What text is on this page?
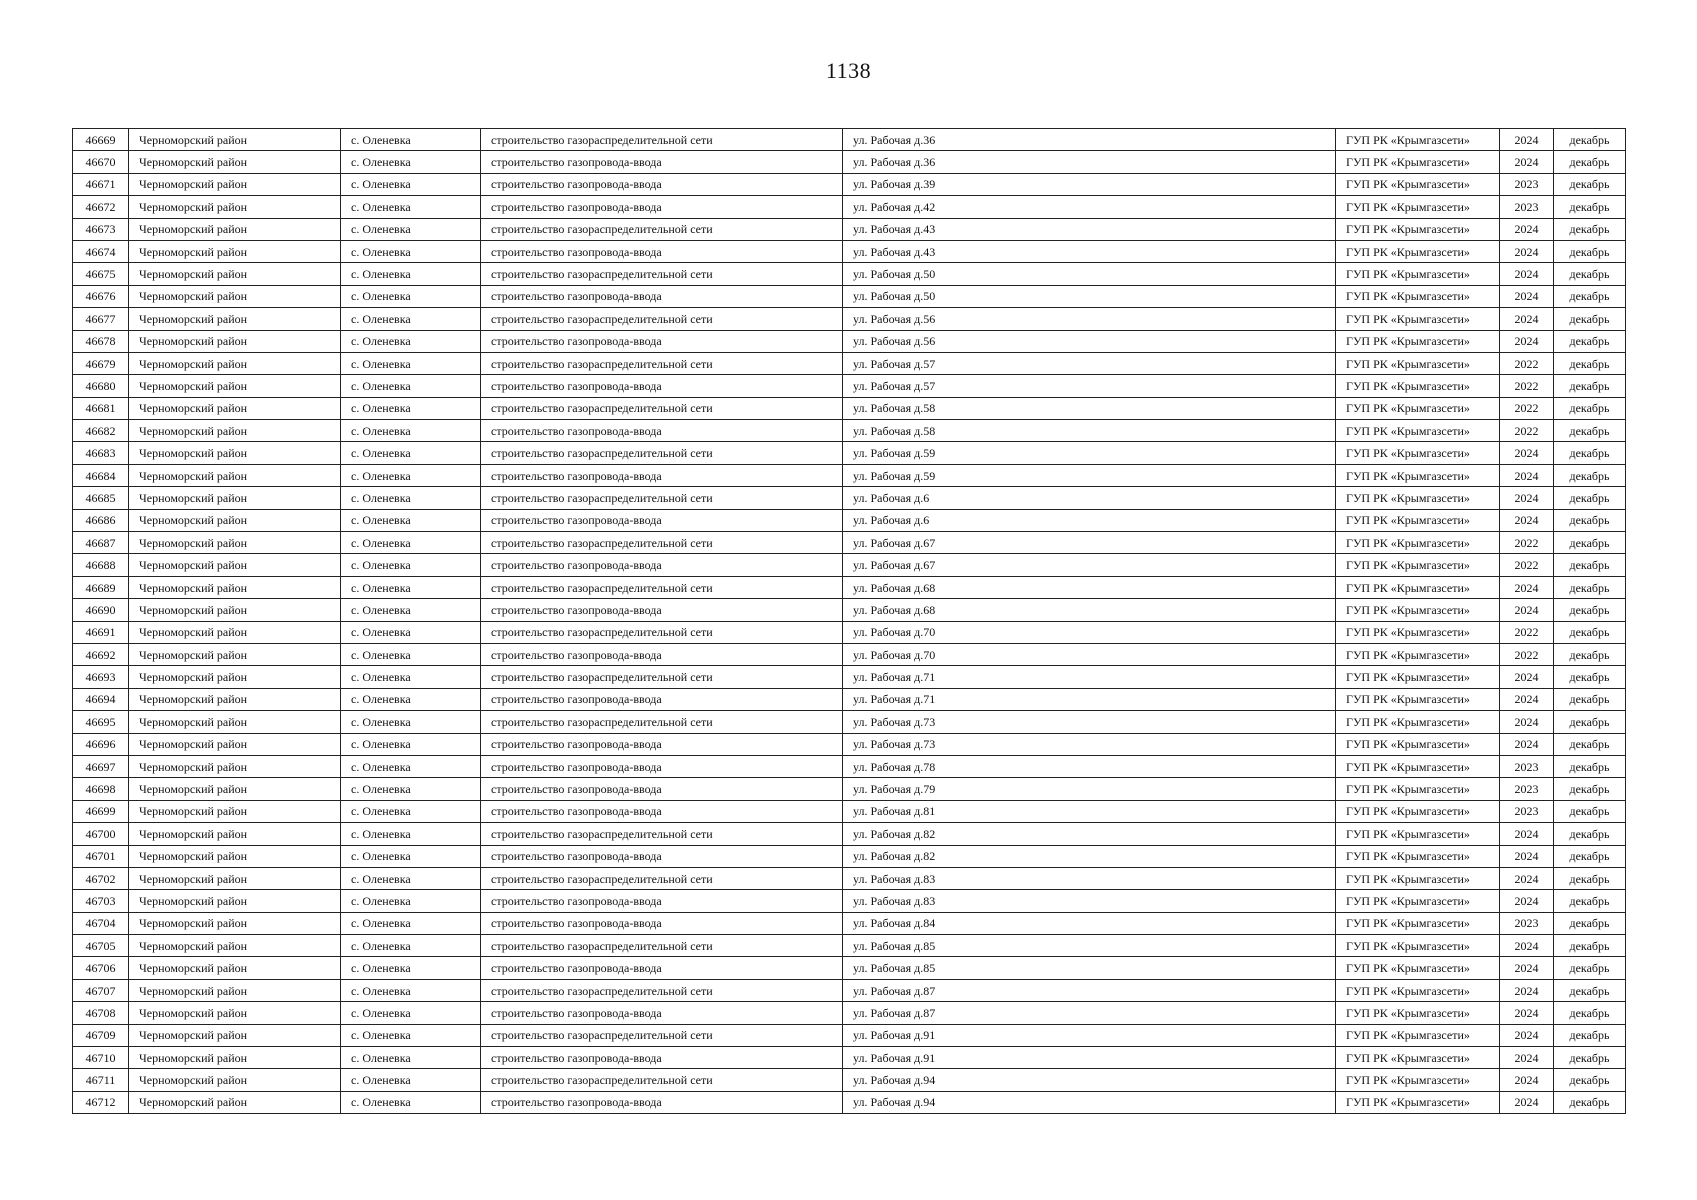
1138
46669	Черноморский район	с. Оленевка	строительство газораспределительной сети	ул. Рабочая д.36	ГУП РК «Крымгазсети»	2024	декабрь
46670	Черноморский район	с. Оленевка	строительство газопровода-ввода	ул. Рабочая д.36	ГУП РК «Крымгазсети»	2024	декабрь
46671	Черноморский район	с. Оленевка	строительство газопровода-ввода	ул. Рабочая д.39	ГУП РК «Крымгазсети»	2023	декабрь
46672	Черноморский район	с. Оленевка	строительство газопровода-ввода	ул. Рабочая д.42	ГУП РК «Крымгазсети»	2023	декабрь
46673	Черноморский район	с. Оленевка	строительство газораспределительной сети	ул. Рабочая д.43	ГУП РК «Крымгазсети»	2024	декабрь
46674	Черноморский район	с. Оленевка	строительство газопровода-ввода	ул. Рабочая д.43	ГУП РК «Крымгазсети»	2024	декабрь
46675	Черноморский район	с. Оленевка	строительство газораспределительной сети	ул. Рабочая д.50	ГУП РК «Крымгазсети»	2024	декабрь
46676	Черноморский район	с. Оленевка	строительство газопровода-ввода	ул. Рабочая д.50	ГУП РК «Крымгазсети»	2024	декабрь
46677	Черноморский район	с. Оленевка	строительство газораспределительной сети	ул. Рабочая д.56	ГУП РК «Крымгазсети»	2024	декабрь
46678	Черноморский район	с. Оленевка	строительство газопровода-ввода	ул. Рабочая д.56	ГУП РК «Крымгазсети»	2024	декабрь
46679	Черноморский район	с. Оленевка	строительство газораспределительной сети	ул. Рабочая д.57	ГУП РК «Крымгазсети»	2022	декабрь
46680	Черноморский район	с. Оленевка	строительство газопровода-ввода	ул. Рабочая д.57	ГУП РК «Крымгазсети»	2022	декабрь
46681	Черноморский район	с. Оленевка	строительство газораспределительной сети	ул. Рабочая д.58	ГУП РК «Крымгазсети»	2022	декабрь
46682	Черноморский район	с. Оленевка	строительство газопровода-ввода	ул. Рабочая д.58	ГУП РК «Крымгазсети»	2022	декабрь
46683	Черноморский район	с. Оленевка	строительство газораспределительной сети	ул. Рабочая д.59	ГУП РК «Крымгазсети»	2024	декабрь
46684	Черноморский район	с. Оленевка	строительство газопровода-ввода	ул. Рабочая д.59	ГУП РК «Крымгазсети»	2024	декабрь
46685	Черноморский район	с. Оленевка	строительство газораспределительной сети	ул. Рабочая д.6	ГУП РК «Крымгазсети»	2024	декабрь
46686	Черноморский район	с. Оленевка	строительство газопровода-ввода	ул. Рабочая д.6	ГУП РК «Крымгазсети»	2024	декабрь
46687	Черноморский район	с. Оленевка	строительство газораспределительной сети	ул. Рабочая д.67	ГУП РК «Крымгазсети»	2022	декабрь
46688	Черноморский район	с. Оленевка	строительство газопровода-ввода	ул. Рабочая д.67	ГУП РК «Крымгазсети»	2022	декабрь
46689	Черноморский район	с. Оленевка	строительство газораспределительной сети	ул. Рабочая д.68	ГУП РК «Крымгазсети»	2024	декабрь
46690	Черноморский район	с. Оленевка	строительство газопровода-ввода	ул. Рабочая д.68	ГУП РК «Крымгазсети»	2024	декабрь
46691	Черноморский район	с. Оленевка	строительство газораспределительной сети	ул. Рабочая д.70	ГУП РК «Крымгазсети»	2022	декабрь
46692	Черноморский район	с. Оленевка	строительство газопровода-ввода	ул. Рабочая д.70	ГУП РК «Крымгазсети»	2022	декабрь
46693	Черноморский район	с. Оленевка	строительство газораспределительной сети	ул. Рабочая д.71	ГУП РК «Крымгазсети»	2024	декабрь
46694	Черноморский район	с. Оленевка	строительство газопровода-ввода	ул. Рабочая д.71	ГУП РК «Крымгазсети»	2024	декабрь
46695	Черноморский район	с. Оленевка	строительство газораспределительной сети	ул. Рабочая д.73	ГУП РК «Крымгазсети»	2024	декабрь
46696	Черноморский район	с. Оленевка	строительство газопровода-ввода	ул. Рабочая д.73	ГУП РК «Крымгазсети»	2024	декабрь
46697	Черноморский район	с. Оленевка	строительство газопровода-ввода	ул. Рабочая д.78	ГУП РК «Крымгазсети»	2023	декабрь
46698	Черноморский район	с. Оленевка	строительство газопровода-ввода	ул. Рабочая д.79	ГУП РК «Крымгазсети»	2023	декабрь
46699	Черноморский район	с. Оленевка	строительство газопровода-ввода	ул. Рабочая д.81	ГУП РК «Крымгазсети»	2023	декабрь
46700	Черноморский район	с. Оленевка	строительство газораспределительной сети	ул. Рабочая д.82	ГУП РК «Крымгазсети»	2024	декабрь
46701	Черноморский район	с. Оленевка	строительство газопровода-ввода	ул. Рабочая д.82	ГУП РК «Крымгазсети»	2024	декабрь
46702	Черноморский район	с. Оленевка	строительство газораспределительной сети	ул. Рабочая д.83	ГУП РК «Крымгазсети»	2024	декабрь
46703	Черноморский район	с. Оленевка	строительство газопровода-ввода	ул. Рабочая д.83	ГУП РК «Крымгазсети»	2024	декабрь
46704	Черноморский район	с. Оленевка	строительство газопровода-ввода	ул. Рабочая д.84	ГУП РК «Крымгазсети»	2023	декабрь
46705	Черноморский район	с. Оленевка	строительство газораспределительной сети	ул. Рабочая д.85	ГУП РК «Крымгазсети»	2024	декабрь
46706	Черноморский район	с. Оленевка	строительство газопровода-ввода	ул. Рабочая д.85	ГУП РК «Крымгазсети»	2024	декабрь
46707	Черноморский район	с. Оленевка	строительство газораспределительной сети	ул. Рабочая д.87	ГУП РК «Крымгазсети»	2024	декабрь
46708	Черноморский район	с. Оленевка	строительство газопровода-ввода	ул. Рабочая д.87	ГУП РК «Крымгазсети»	2024	декабрь
46709	Черноморский район	с. Оленевка	строительство газораспределительной сети	ул. Рабочая д.91	ГУП РК «Крымгазсети»	2024	декабрь
46710	Черноморский район	с. Оленевка	строительство газопровода-ввода	ул. Рабочая д.91	ГУП РК «Крымгазсети»	2024	декабрь
46711	Черноморский район	с. Оленевка	строительство газораспределительной сети	ул. Рабочая д.94	ГУП РК «Крымгазсети»	2024	декабрь
46712	Черноморский район	с. Оленевка	строительство газопровода-ввода	ул. Рабочая д.94	ГУП РК «Крымгазсети»	2024	декабрь
